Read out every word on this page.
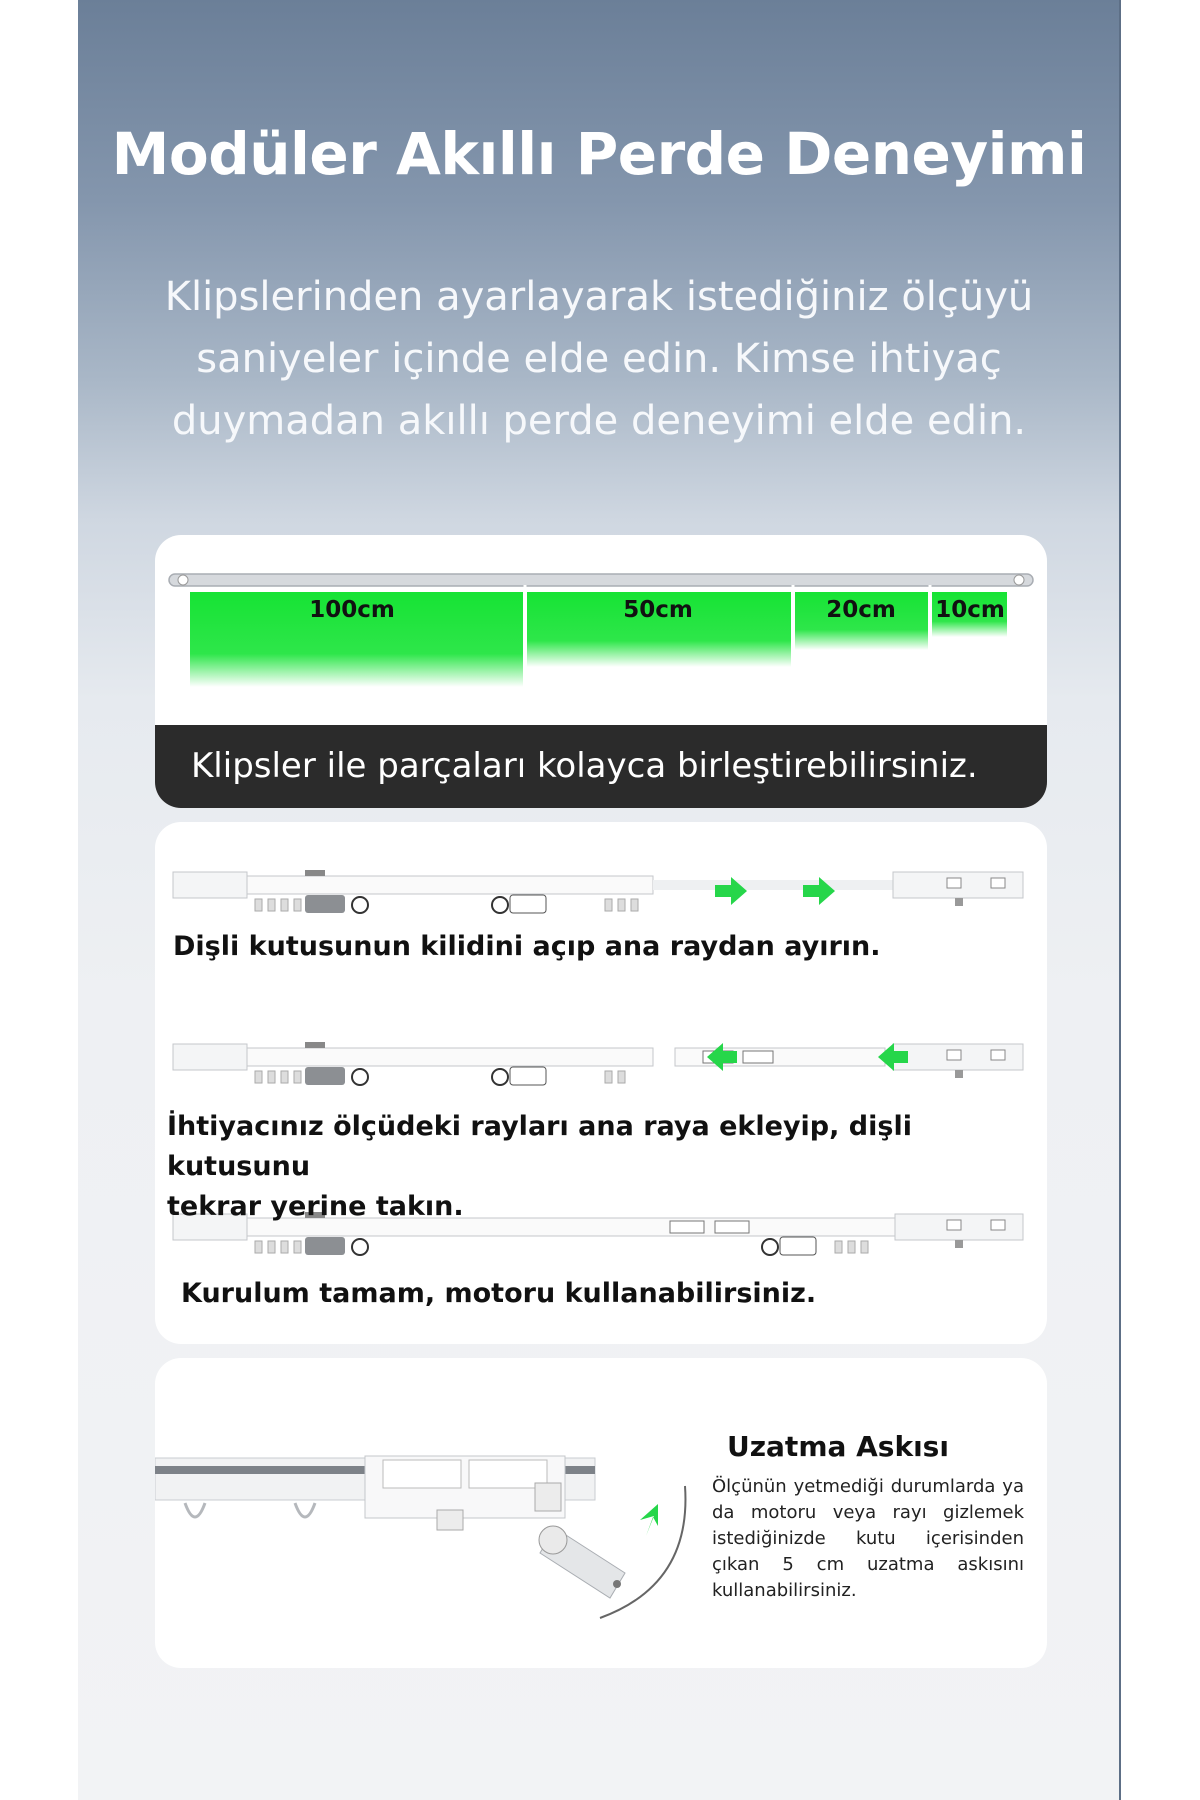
Modüler Akıllı Perde Deneyimi
Klipslerinden ayarlayarak istediğiniz ölçüyü
saniyeler içinde elde edin. Kimse ihtiyaç
duymadan akıllı perde deneyimi elde edin.
100cm	50cm	20cm 10cm
Klipsler ile parçaları kolayca birleştirebilirsiniz.
Dişli kutusunun kilidini açıp ana raydan ayırın.
İhtiyacınız ölçüdeki rayları ana raya ekleyip, dişli kutusunu
tekrar yerine takın.
Kurulum tamam, motoru kullanabilirsiniz.
Uzatma Askısı
Ölçünün yetmediği durumlarda ya da motoru veya rayı gizlemek istediğinizde kutu içerisinden çıkan 5 cm uzatma askısını kullanabilirsiniz.
